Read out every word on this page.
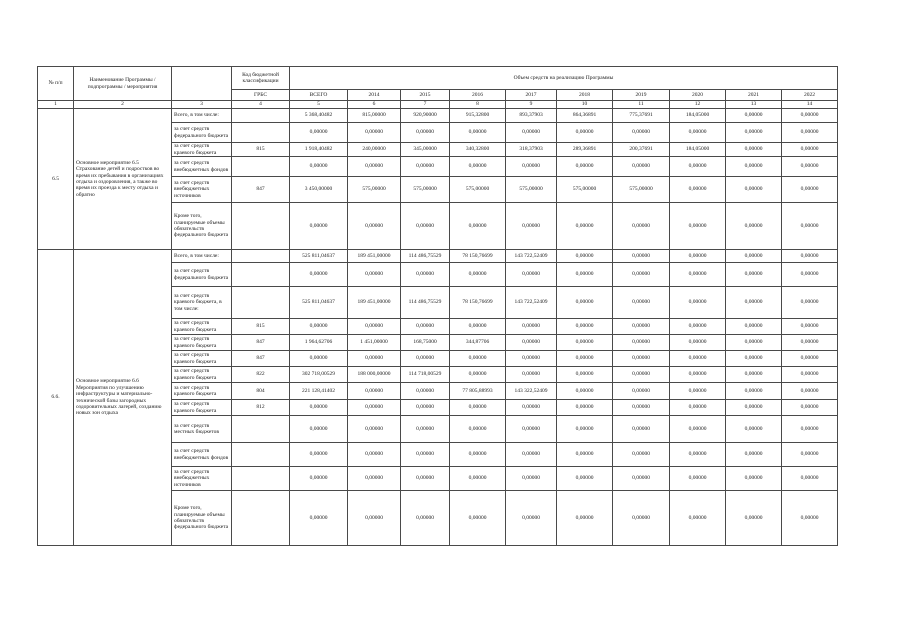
№ п/п	Наименование Программы / подпрограммы / мероприятия		Код бюджетной классификации	Объем средств на реализацию Программы									
			ГРБС	ВСЕГО	2014	2015	2016	2017	2018	2019	2020	2021	2022
1	2	3	4	5	6	7	8	9	10	11	12	13	14
6.5	Основное мероприятие 6.5 Страхование детей и подростков во время их пребывания в организациях отдыха и оздоровления, а также во время их проезда к месту отдыха и обратно	Всего, в том числе:		5 368,40482	815,00000	920,90000	915,32800	893,37903	864,36891	775,37691	184,05000	0,00000	0,00000
		за счет средств федерального бюджета		0,00000	0,00000	0,00000	0,00000	0,00000	0,00000	0,00000	0,00000	0,00000	0,00000
		за счет средств краевого бюджета	815	1 918,40482	240,00000	345,00000	340,32800	318,37903	289,36891	200,37691	184,05000	0,00000	0,00000
		за счет средств внебюджетных фондов		0,00000	0,00000	0,00000	0,00000	0,00000	0,00000	0,00000	0,00000	0,00000	0,00000
		за счет средств внебюджетных источников	847	3 450,00000	575,00000	575,00000	575,00000	575,00000	575,00000	575,00000	0,00000	0,00000	0,00000
		Кроме того, планируемые объемы обязательств федерального бюджета		0,00000	0,00000	0,00000	0,00000	0,00000	0,00000	0,00000	0,00000	0,00000	0,00000
6.6.	Основное мероприятие 6.6 Мероприятия по улучшению инфраструктуры и материально-технической базы загородных оздоровительных лагерей, созданию новых зон отдыха	Всего, в том числе:		525 811,04637	189 451,00000	114 486,75529	78 150,76699	143 722,52409	0,00000	0,00000	0,00000	0,00000	0,00000
		за счет средств федерального бюджета		0,00000	0,00000	0,00000	0,00000	0,00000	0,00000	0,00000	0,00000	0,00000	0,00000
		за счет средств краевого бюджета, в том числе:		525 811,04637	189 451,00000	114 486,75529	78 150,76699	143 722,52409	0,00000	0,00000	0,00000	0,00000	0,00000
		за счет средств краевого бюджета	815	0,00000	0,00000	0,00000	0,00000	0,00000	0,00000	0,00000	0,00000	0,00000	0,00000
		за счет средств краевого бюджета	847	1 964,62706	1 451,00000	168,75000	344,87706	0,00000	0,00000	0,00000	0,00000	0,00000	0,00000
		за счет средств краевого бюджета	847	0,00000	0,00000	0,00000	0,00000	0,00000	0,00000	0,00000	0,00000	0,00000	0,00000
		за счет средств краевого бюджета	822	302 718,00529	188 000,00000	114 718,00529	0,00000	0,00000	0,00000	0,00000	0,00000	0,00000	0,00000
		за счет средств краевого бюджета	804	221 128,41402	0,00000	0,00000	77 805,88993	143 322,52409	0,00000	0,00000	0,00000	0,00000	0,00000
		за счет средств краевого бюджета	812	0,00000	0,00000	0,00000	0,00000	0,00000	0,00000	0,00000	0,00000	0,00000	0,00000
		за счет средств местных бюджетов		0,00000	0,00000	0,00000	0,00000	0,00000	0,00000	0,00000	0,00000	0,00000	0,00000
		за счет средств внебюджетных фондов		0,00000	0,00000	0,00000	0,00000	0,00000	0,00000	0,00000	0,00000	0,00000	0,00000
		за счет средств внебюджетных источников		0,00000	0,00000	0,00000	0,00000	0,00000	0,00000	0,00000	0,00000	0,00000	0,00000
		Кроме того, планируемые объемы обязательств федерального бюджета		0,00000	0,00000	0,00000	0,00000	0,00000	0,00000	0,00000	0,00000	0,00000	0,00000
